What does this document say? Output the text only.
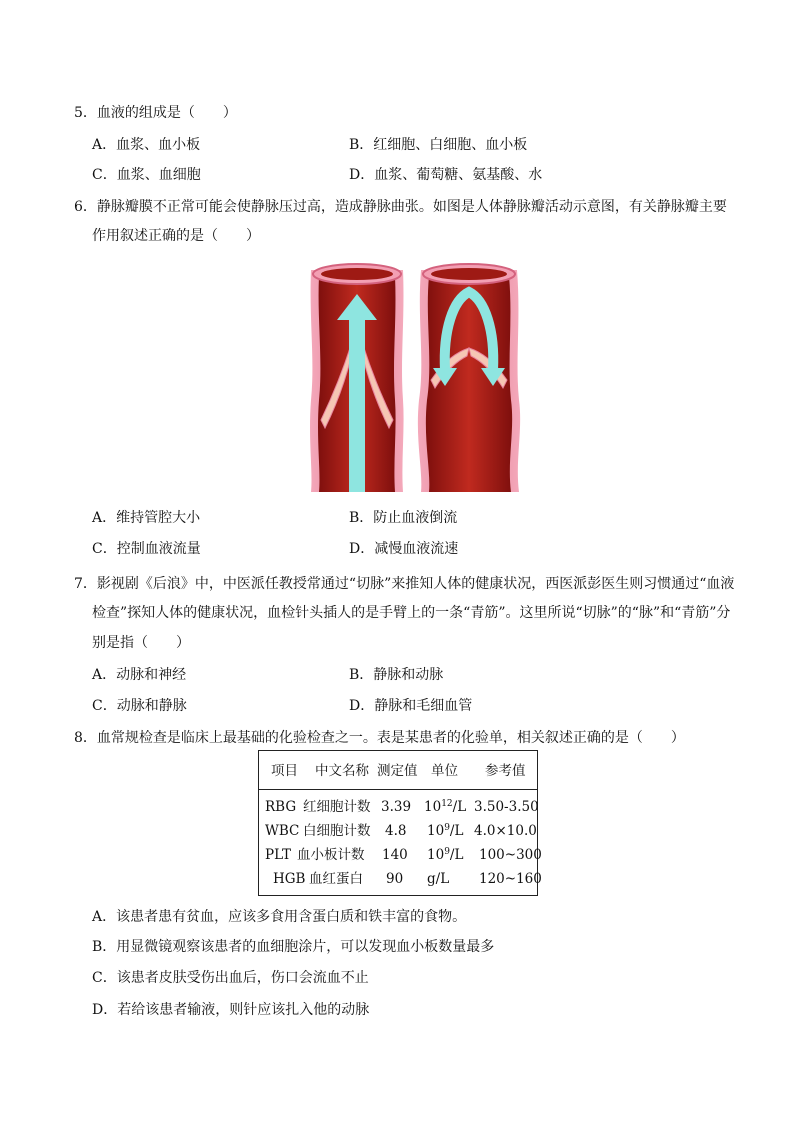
5．血液的组成是（　　）
A．血浆、血小板	B．红细胞、白细胞、血小板
C．血浆、血细胞	D．血浆、葡萄糖、氨基酸、水
6．静脉瓣膜不正常可能会使静脉压过高，造成静脉曲张。如图是人体静脉瓣活动示意图，有关静脉瓣主要
作用叙述正确的是（　　）
A．维持管腔大小	B．防止血液倒流
C．控制血液流量	D．减慢血液流速
7．影视剧《后浪》中，中医派任教授常通过“切脉”来推知人体的健康状况，西医派彭医生则习惯通过“血液
检查”探知人体的健康状况，血检针头插人的是手臂上的一条“青筋”。这里所说“切脉”的“脉”和“青筋”分
别是指（　　）
A．动脉和神经	B．静脉和动脉
C．动脉和静脉	D．静脉和毛细血管
8．血常规检查是临床上最基础的化验检查之一。表是某患者的化验单，相关叙述正确的是（　　）
项目 中文名称 测定值 单位 参考值
RBG 红细胞计数 3.39 $10^{12}/L$ 3.50-3.50
WBC 白细胞计数 4.8 $10^9/L$ 4.0×10.0
PLT 血小板计数 140 $10^9/L$ 100~300
HGB 血红蛋白 90 g/L 120~160
A．该患者患有贫血，应该多食用含蛋白质和铁丰富的食物。
B．用显微镜观察该患者的血细胞涂片，可以发现血小板数量最多
C．该患者皮肤受伤出血后，伤口会流血不止
D．若给该患者输液，则针应该扎入他的动脉
